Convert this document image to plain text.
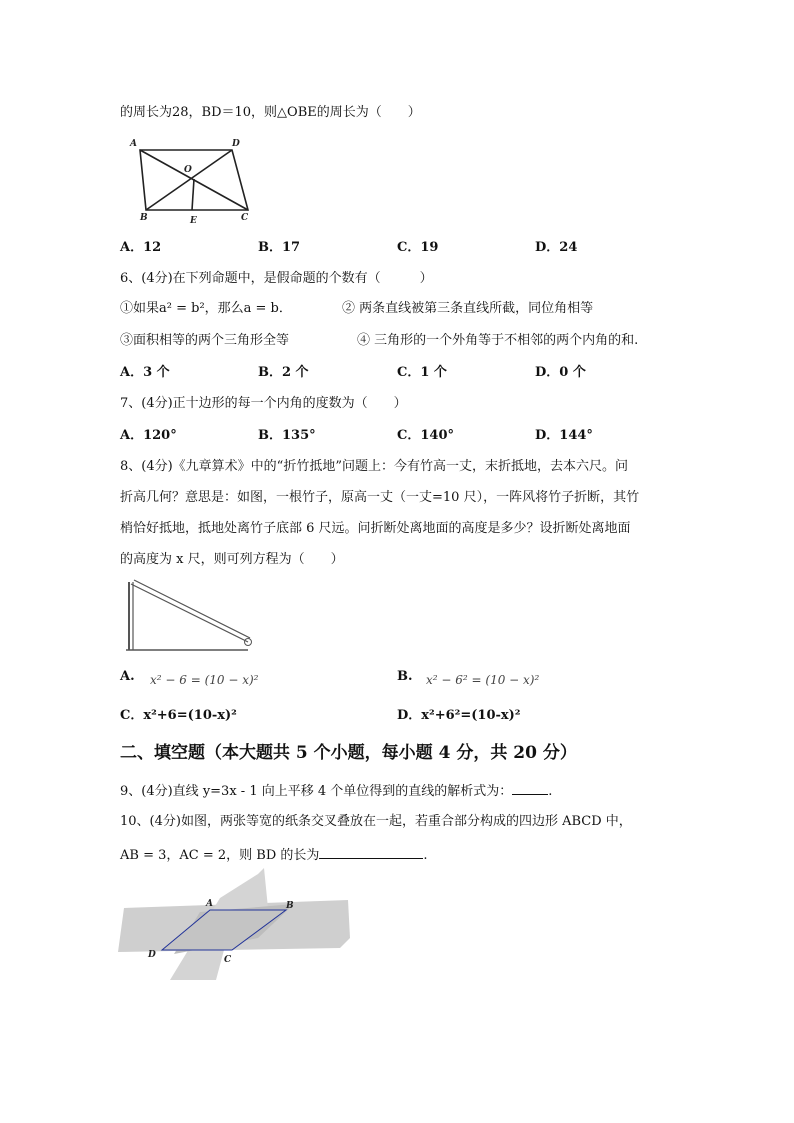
的周长为28，BD＝10，则△OBE的周长为（　　）
A	D
O
B	E	C
A．12	B．17	C．19	D．24
6、(4分)在下列命题中，是假命题的个数有（　　　）
①如果a² = b²，那么a = b．	② 两条直线被第三条直线所截，同位角相等
③面积相等的两个三角形全等	④ 三角形的一个外角等于不相邻的两个内角的和.
A．3 个	B．2 个	C．1 个	D．0 个
7、(4分)正十边形的每一个内角的度数为（　　）
A．120°	B．135°	C．140°	D．144°
8、(4分)《九章算术》中的“折竹抵地”问题上：今有竹高一丈，末折抵地，去本六尺。问
折高几何？意思是：如图，一根竹子，原高一丈（一丈=10 尺），一阵风将竹子折断，其竹
梢恰好抵地，抵地处离竹子底部 6 尺远。问折断处离地面的高度是多少？设折断处离地面
的高度为 x 尺，则可列方程为（　　）
A. x² − 6 = (10 − x)²	B. x² − 6² = (10 − x)²
C．x²+6=(10-x)²	D．x²+6²=(10-x)²
二、填空题（本大题共 5 个小题，每小题 4 分，共 20 分）
9、(4分)直线 y=3x - 1 向上平移 4 个单位得到的直线的解析式为：	.
10、(4分)如图，两张等宽的纸条交叉叠放在一起，若重合部分构成的四边形 ABCD 中，
AB = 3，AC = 2，则 BD 的长为	.
A	B
C
D
